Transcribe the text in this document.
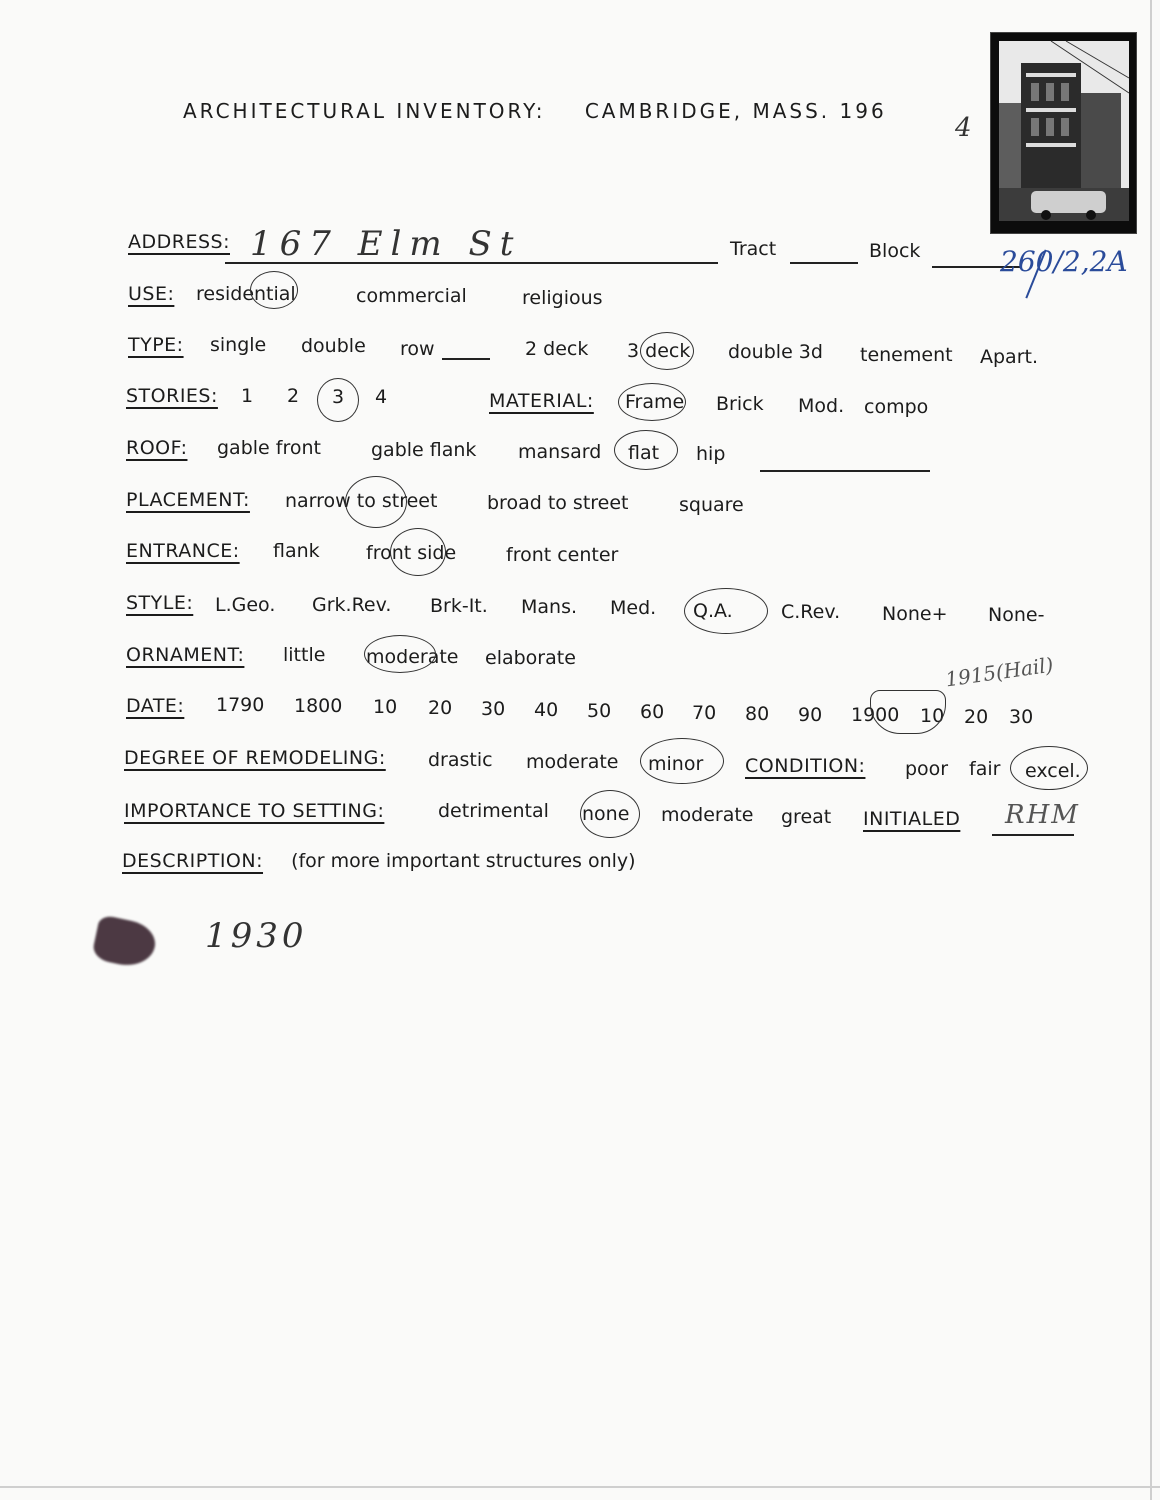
ARCHITECTURAL INVENTORY: CAMBRIDGE, MASS. 196
4
ADDRESS: 167 Elm St	Tract	Block	260/2,2A
USE: residential	commercial	religious
TYPE: single double row	2 deck 3 deck double 3d tenement Apart.
STORIES: 1 2 3 4	MATERIAL: Frame Brick Mod. compo
ROOF: gable front	gable flank mansard flat hip
PLACEMENT: narrow to street	broad to street	square
ENTRANCE: flank front side	front center
STYLE: L.Geo. Grk.Rev. Brk-It. Mans. Med. Q.A.	C.Rev. None+ None-
ORNAMENT: little moderate elaborate	1915(Hail)
DATE: 1790 1800 10 20 30 40 50 60 70 80 90 1900 10 20 30
DEGREE OF REMODELING: drastic moderate minor CONDITION: poor fair excel.
IMPORTANCE TO SETTING:	detrimental none moderate great INITIALED RHM
DESCRIPTION: (for more important structures only)
1930
